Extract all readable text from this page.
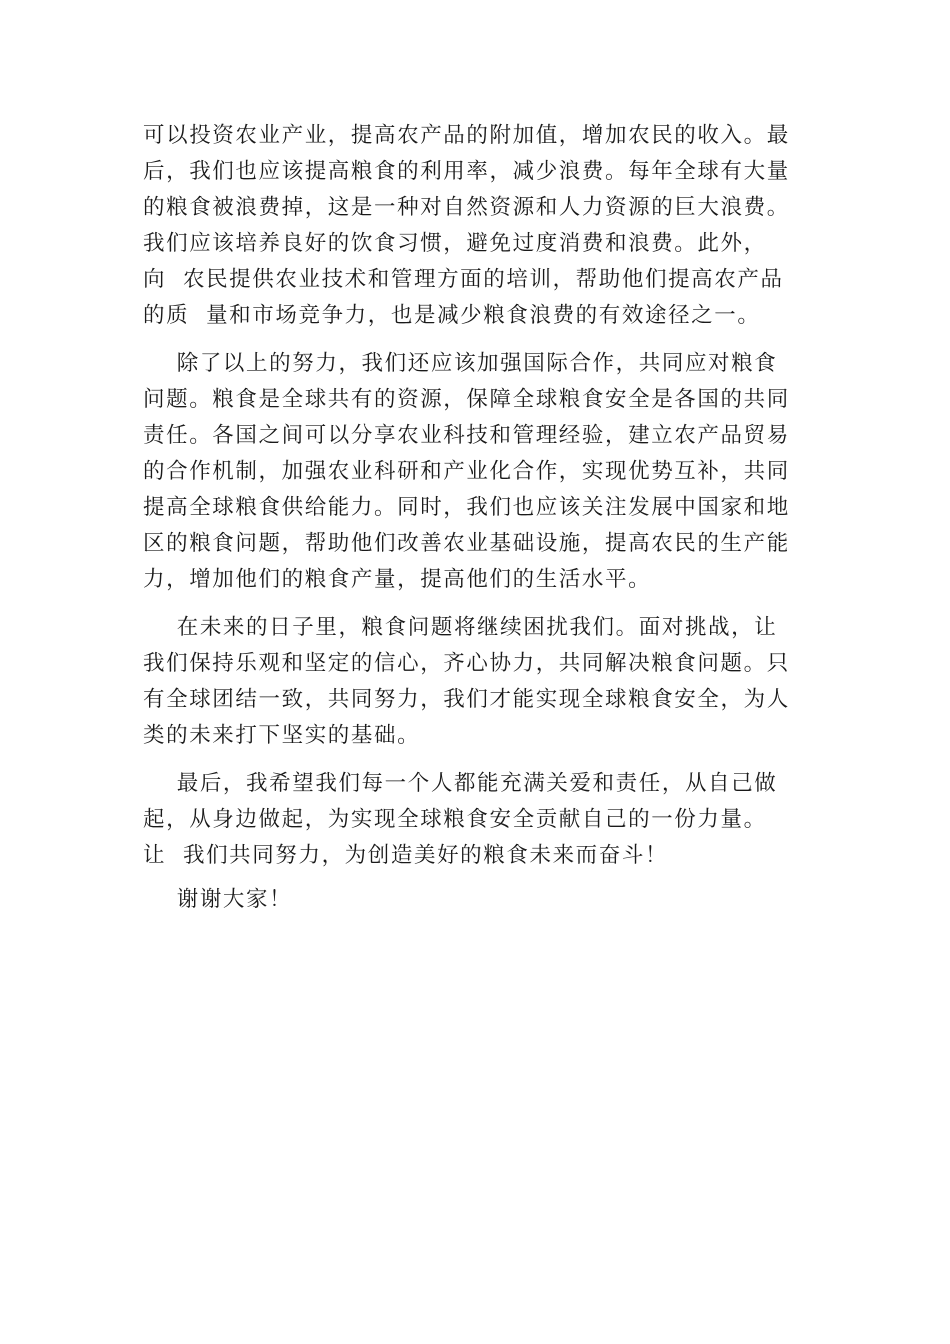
可以投资农业产业，提高农产品的附加值，增加农民的收入。最
后，我们也应该提高粮食的利用率，减少浪费。每年全球有大量
的粮食被浪费掉，这是一种对自然资源和人力资源的巨大浪费。
我们应该培养良好的饮食习惯，避免过度消费和浪费。此外，
向  农民提供农业技术和管理方面的培训，帮助他们提高农产品
的质  量和市场竞争力，也是减少粮食浪费的有效途径之一。
除了以上的努力，我们还应该加强国际合作，共同应对粮食
问题。粮食是全球共有的资源，保障全球粮食安全是各国的共同
责任。各国之间可以分享农业科技和管理经验，建立农产品贸易
的合作机制，加强农业科研和产业化合作，实现优势互补，共同
提高全球粮食供给能力。同时，我们也应该关注发展中国家和地
区的粮食问题，帮助他们改善农业基础设施，提高农民的生产能
力，增加他们的粮食产量，提高他们的生活水平。
在未来的日子里，粮食问题将继续困扰我们。面对挑战，让
我们保持乐观和坚定的信心，齐心协力，共同解决粮食问题。只
有全球团结一致，共同努力，我们才能实现全球粮食安全，为人
类的未来打下坚实的基础。
最后，我希望我们每一个人都能充满关爱和责任，从自己做
起，从身边做起，为实现全球粮食安全贡献自己的一份力量。
让  我们共同努力，为创造美好的粮食未来而奋斗！
谢谢大家！
